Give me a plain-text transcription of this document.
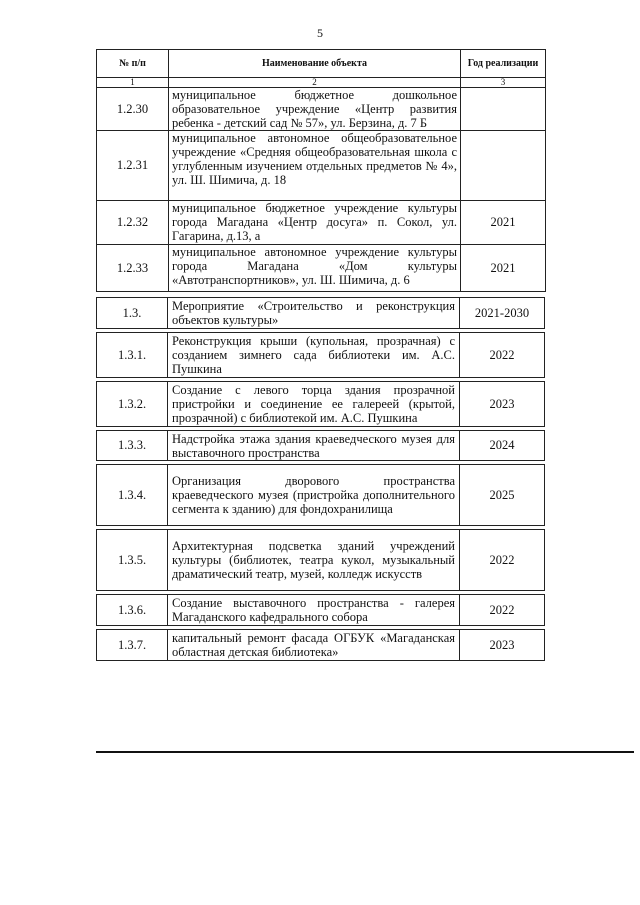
5
№ п/п	Наименование объекта	Год реализации
1	2	3
1.2.30	муниципальное бюджетное дошкольное образовательное учреждение «Центр развития ребенка - детский сад № 57», ул. Берзина, д. 7 Б	
1.2.31	муниципальное автономное общеобразовательное учреждение «Средняя общеобразовательная школа с углубленным изучением отдельных предметов № 4», ул. Ш. Шимича, д. 18	
1.2.32	муниципальное бюджетное учреждение культуры города Магадана «Центр досуга» п. Сокол, ул. Гагарина, д.13, а	2021
1.2.33	муниципальное автономное учреждение культуры города Магадана «Дом культуры «Автотранспортников», ул. Ш. Шимича, д. 6	2021
1.3.	Мероприятие «Строительство и реконструкция объектов культуры»	2021-2030
1.3.1.	Реконструкция крыши (купольная, прозрачная) с созданием зимнего сада библиотеки им. А.С. Пушкина	2022
1.3.2.	Создание с левого торца здания прозрачной пристройки и соединение ее галереей (крытой, прозрачной) с библиотекой им. А.С. Пушкина	2023
1.3.3.	Надстройка этажа здания краеведческого музея для выставочного пространства	2024
1.3.4.	Организация дворового пространства краеведческого музея (пристройка дополнительного сегмента к зданию) для фондохранилища	2025
1.3.5.	Архитектурная подсветка зданий учреждений культуры (библиотек, театра кукол, музыкальный драматический театр, музей, колледж искусств	2022
1.3.6.	Создание выставочного пространства - галерея Магаданского кафедрального собора	2022
1.3.7.	капитальный ремонт фасада ОГБУК «Магаданская областная детская библиотека»	2023
